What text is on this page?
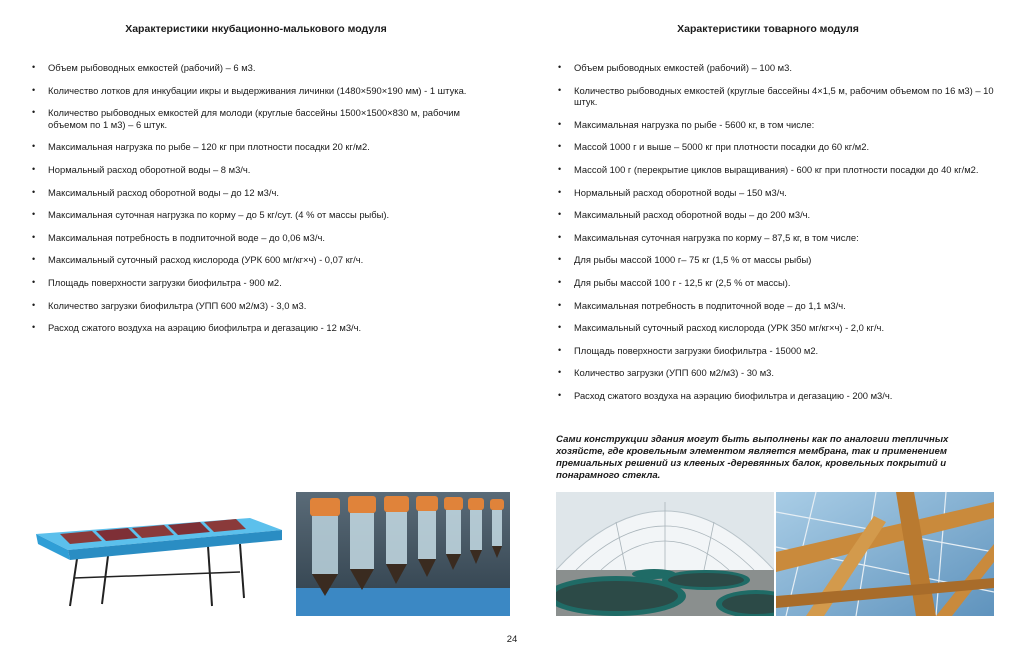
Характеристики нкубационно-малькового модуля
• Объем рыбоводных емкостей (рабочий) – 6 м3.
• Количество лотков для инкубации икры и выдерживания личинки (1480×590×190 мм) - 1 штука.
• Количество рыбоводных емкостей для молоди (круглые бассейны 1500×1500×830 м, рабочим объемом по 1 м3) – 6 штук.
• Максимальная нагрузка по рыбе – 120 кг при плотности посадки 20 кг/м2.
• Нормальный расход оборотной воды – 8 м3/ч.
• Максимальный расход оборотной воды – до 12 м3/ч.
• Максимальная суточная нагрузка по корму – до 5 кг/сут. (4 % от массы рыбы).
• Максимальная потребность в подпиточной воде – до 0,06 м3/ч.
• Максимальный суточный расход кислорода (УРК 600 мг/кг×ч) - 0,07 кг/ч.
• Площадь поверхности загрузки биофильтра - 900 м2.
• Количество загрузки биофильтра (УПП 600 м2/м3) - 3,0 м3.
• Расход сжатого воздуха на аэрацию биофильтра и дегазацию - 12 м3/ч.
Характеристики товарного модуля
• Объем рыбоводных емкостей (рабочий) – 100 м3.
• Количество рыбоводных емкостей (круглые бассейны 4×1,5 м, рабочим объемом по 16 м3) – 10 штук.
• Максимальная нагрузка по рыбе - 5600 кг, в том числе:
• Массой 1000 г и выше – 5000 кг при плотности посадки до 60 кг/м2.
• Массой 100 г (перекрытие циклов выращивания) - 600 кг при плотности посадки до 40 кг/м2.
• Нормальный расход оборотной воды – 150 м3/ч.
• Максимальный расход оборотной воды – до 200 м3/ч.
• Максимальная суточная нагрузка по корму – 87,5 кг, в том числе:
• Для рыбы массой 1000 г– 75 кг (1,5 % от массы рыбы)
• Для рыбы массой 100 г - 12,5 кг (2,5 % от массы).
• Максимальная потребность в подпиточной воде – до 1,1 м3/ч.
• Максимальный суточный расход кислорода (УРК 350 мг/кг×ч) - 2,0 кг/ч.
• Площадь поверхности загрузки биофильтра - 15000 м2.
• Количество загрузки (УПП 600 м2/м3) - 30 м3.
• Расход сжатого воздуха на аэрацию биофильтра и дегазацию - 200 м3/ч.

Сами конструкции здания могут быть выполнены как по аналогии тепличных хозяйсте, где кровельным элементом является мембрана, так и применением премиальных решений из клееных -деревянных балок, кровельных покрытий и понарамного стекла.

24
